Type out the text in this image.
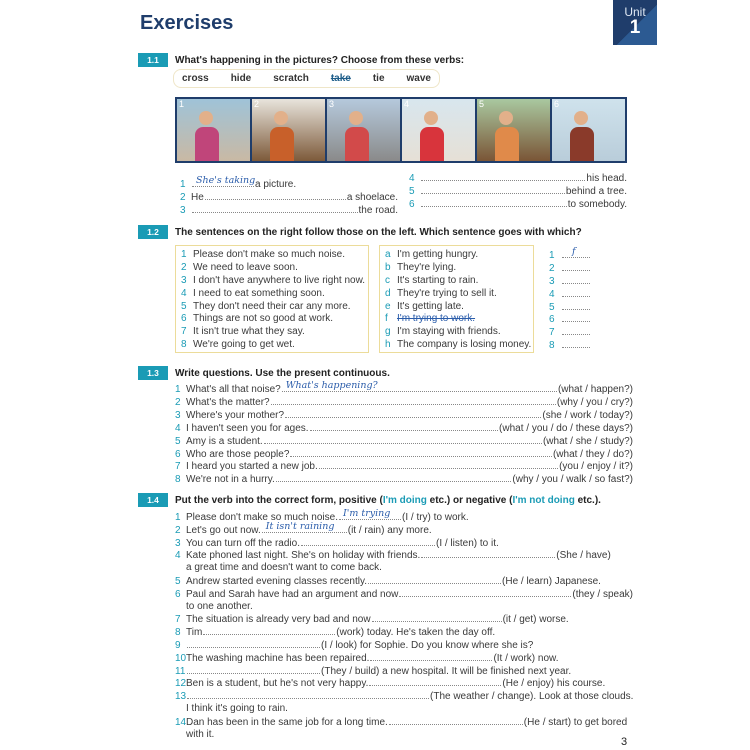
Exercises	Unit
1
1.1	What's happening in the pictures? Choose from these verbs:
cross hide scratch take tie wave
1	2	3	4	5	6
1	She's taking a picture.
2 He	a shoelace.
3	the road.
4	his head.
5	behind a tree.
6	to somebody.
1.2	The sentences on the right follow those on the left. Which sentence goes with which?
1 Please don't make so much noise.
2 We need to leave soon.
3 I don't have anywhere to live right now.
4 I need to eat something soon.
5 They don't need their car any more.
6 Things are not so good at work.
7 It isn't true what they say.
8 We're going to get wet.
a I'm getting hungry.
b They're lying.
c It's starting to rain.
d They're trying to sell it.
e It's getting late.
f I'm trying to work.
g I'm staying with friends.
h The company is losing money.
1	f
2
3
4
5
6
7
8
1.3	Write questions. Use the present continuous.
1 What's all that noise? What's happening?	(what / happen?)
2 What's the matter?	(why / you / cry?)
3 Where's your mother?	(she / work / today?)
4 I haven't seen you for ages.	(what / you / do / these days?)
5 Amy is a student.	(what / she / study?)
6 Who are those people?	(what / they / do?)
7 I heard you started a new job.	(you / enjoy / it?)
8 We're not in a hurry.	(why / you / walk / so fast?)
1.4	Put the verb into the correct form, positive (I'm doing etc.) or negative (I'm not doing etc.).
1 Please don't make so much noise. I'm trying (I / try) to work.
2 Let's go out now. It isn't raining (it / rain) any more.
3 You can turn off the radio.	(I / listen) to it.
4 Kate phoned last night. She's on holiday with friends.	(She / have)
a great time and doesn't want to come back.
5 Andrew started evening classes recently.	(He / learn) Japanese.
6 Paul and Sarah have had an argument and now	(they / speak)
to one another.
7 The situation is already very bad and now	(it / get) worse.
8 Tim	(work) today. He's taken the day off.
9	(I / look) for Sophie. Do you know where she is?
10 The washing machine has been repaired.	(It / work) now.
11	(They / build) a new hospital. It will be finished next year.
12 Ben is a student, but he's not very happy.	(He / enjoy) his course.
13	(The weather / change). Look at those clouds.
I think it's going to rain.
14 Dan has been in the same job for a long time.	(He / start) to get bored
with it.
3
